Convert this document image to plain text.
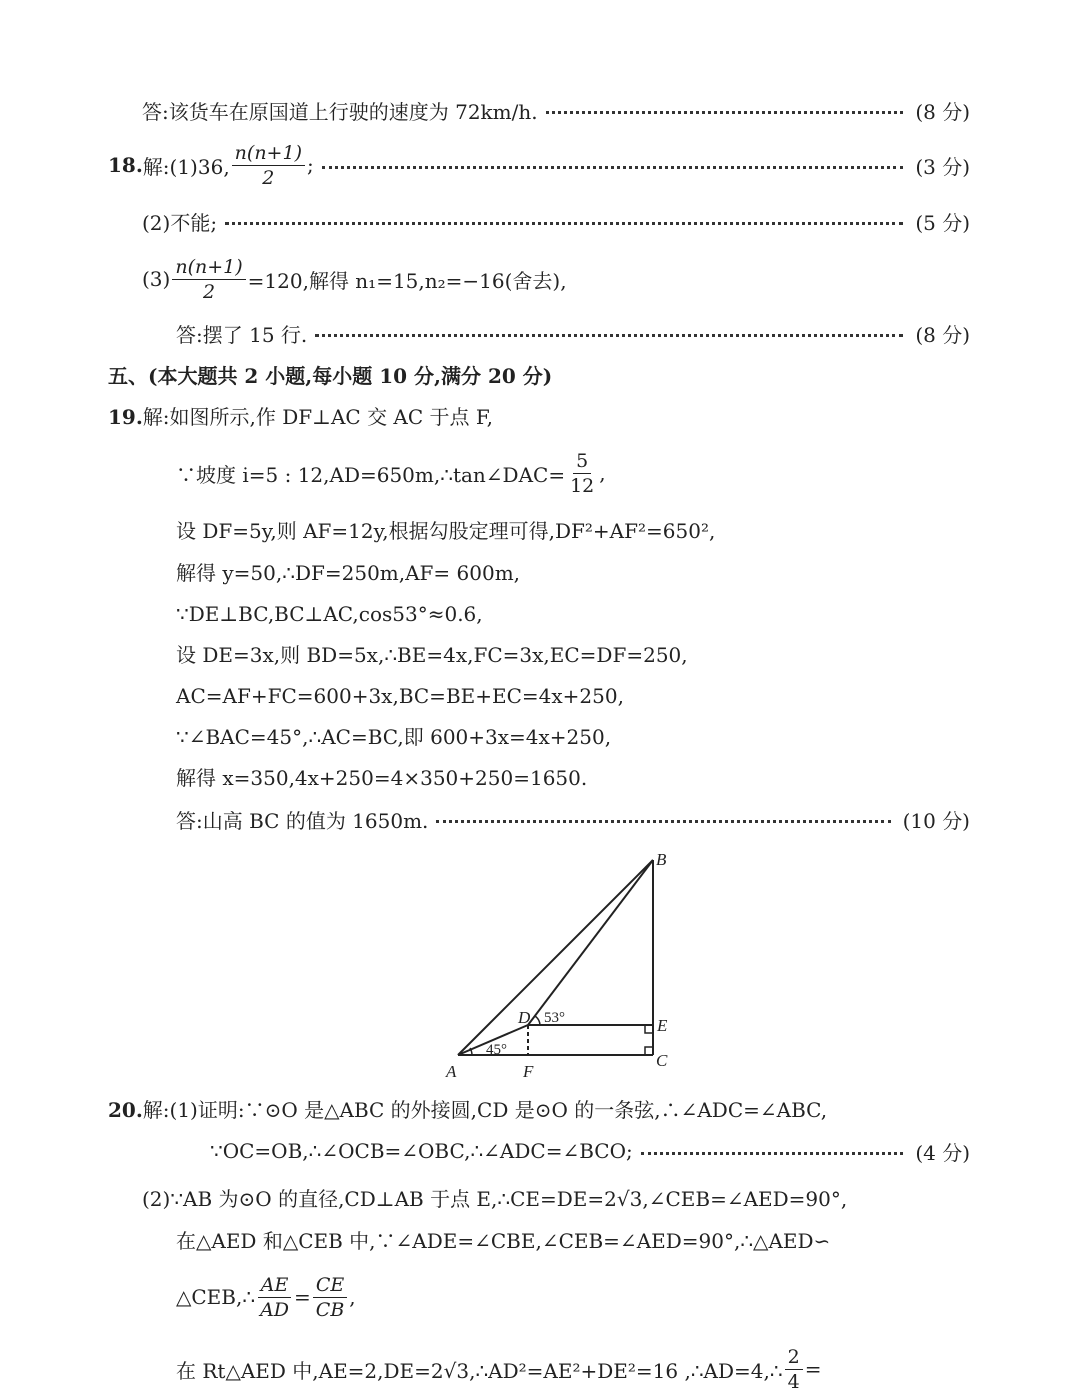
答:该货车在原国道上行驶的速度为 72km/h.	(8 分)
18. 解:(1)36, $\frac{n(n+1)}{2}$ ;	(3 分)
(2)不能;	(5 分)
$(3) \frac{n(n+1)}{2} =120$,解得 n₁=15,n₂=−16(舍去),
答:摆了 15 行.	(8 分)
五、(本大题共 2 小题,每小题 10 分,满分 20 分)
19.解:如图所示,作 DF⊥AC 交 AC 于点 F,
∵坡度 i=5 : 12,AD=650m,∴tan∠DAC= $\frac{5}{12}$ ,
设 DF=5y,则 AF=12y,根据勾股定理可得,DF²+AF²=650²,
解得 y=50,∴DF=250m,AF= 600m,
∵DE⊥BC,BC⊥AC,cos53°≈0.6,
设 DE=3x,则 BD=5x,∴BE=4x,FC=3x,EC=DF=250,
AC=AF+FC=600+3x,BC=BE+EC=4x+250,
∵∠BAC=45°,∴AC=BC,即 600+3x=4x+250,
解得 x=350,4x+250=4×350+250=1650.
答:山高 BC 的值为 1650m.	(10 分)
B
D	E
C
A	F
53°
45°
20.解:(1)证明:∵⊙O 是△ABC 的外接圆,CD 是⊙O 的一条弦,∴∠ADC=∠ABC,
∵OC=OB,∴∠OCB=∠OBC,∴∠ADC=∠BCO;	(4 分)
(2)∵AB 为⊙O 的直径,CD⊥AB 于点 E,∴CE=DE=2√3,∠CEB=∠AED=90°,
在△AED 和△CEB 中,∵∠ADE=∠CBE,∠CEB=∠AED=90°,∴△AED∽
△CEB,∴ $\frac{AE}{AD} = \frac{CE}{CB}$ ,
在 Rt△AED 中,AE=2,DE=2√3,∴AD²=AE²+DE²=16 ,∴AD=4,∴ $\frac{2}{4}$ =
